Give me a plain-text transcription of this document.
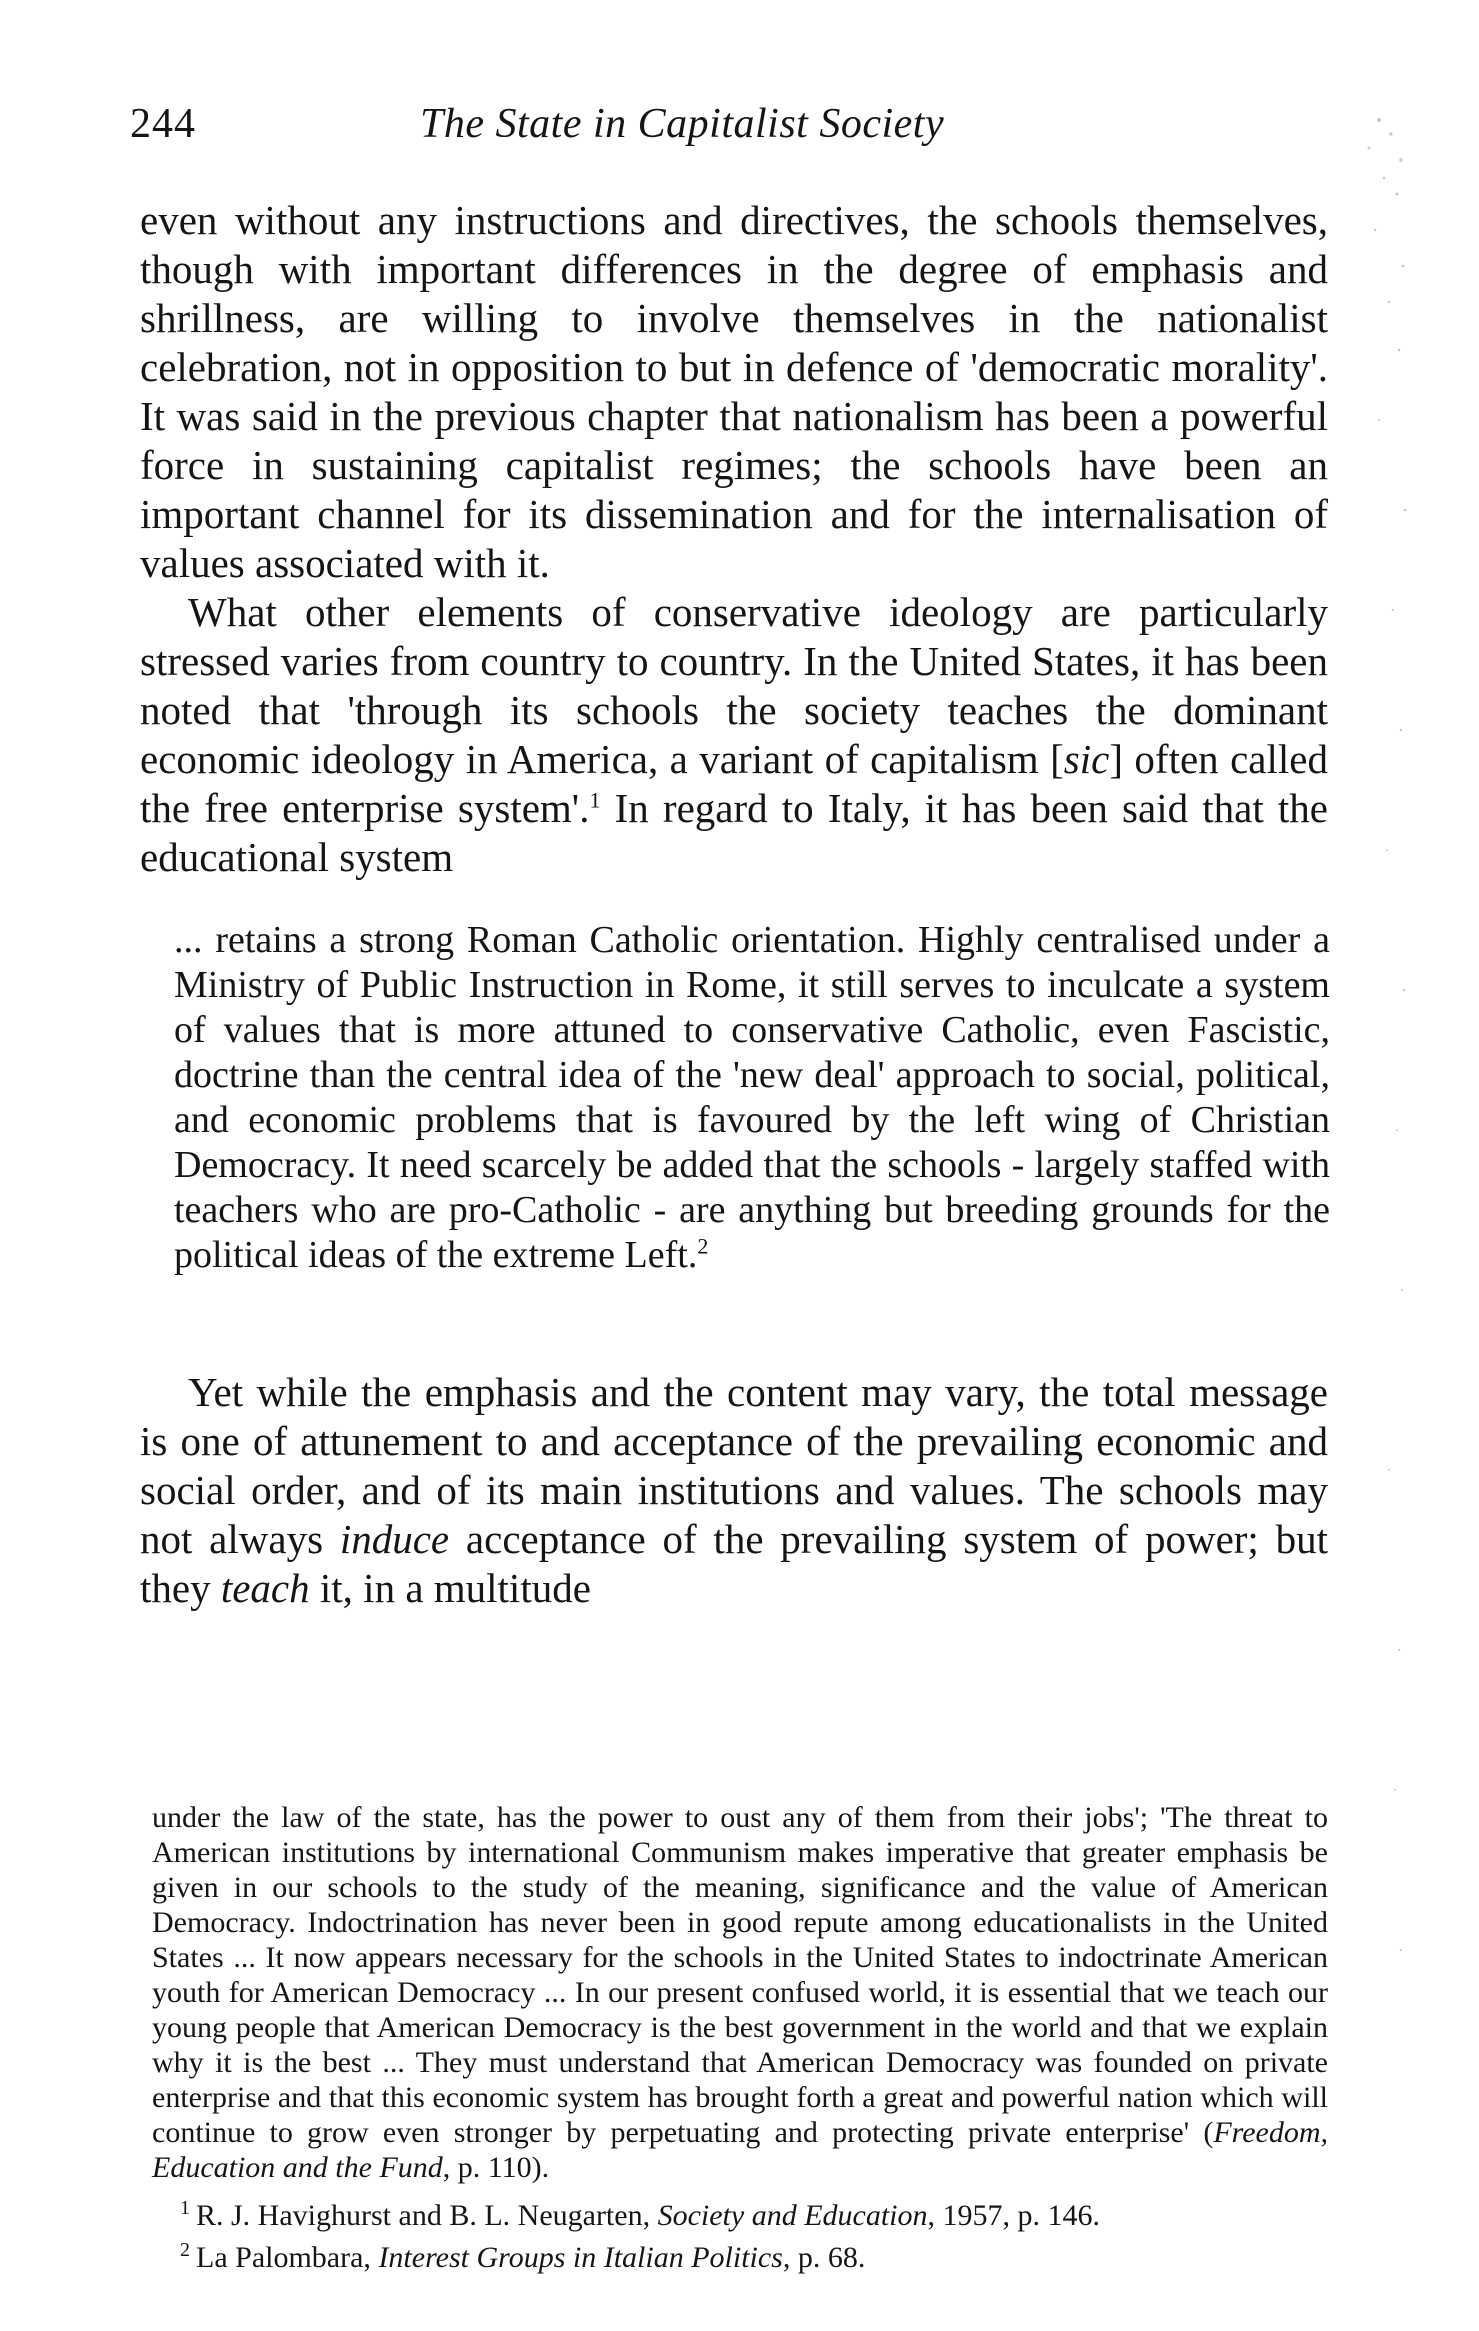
244	The State in Capitalist Society

even without any instructions and directives, the schools themselves, though with important differences in the degree of emphasis and shrillness, are willing to involve themselves in the nationalist celebration, not in opposition to but in defence of 'democratic morality'. It was said in the previous chapter that nationalism has been a powerful force in sustaining capitalist regimes; the schools have been an important channel for its dissemination and for the internalisation of values associated with it.

What other elements of conservative ideology are particularly stressed varies from country to country. In the United States, it has been noted that 'through its schools the society teaches the dominant economic ideology in America, a variant of capitalism [sic] often called the free enterprise system'.$^1$ In regard to Italy, it has been said that the educational system

... retains a strong Roman Catholic orientation. Highly centralised under a Ministry of Public Instruction in Rome, it still serves to inculcate a system of values that is more attuned to conservative Catholic, even Fascistic, doctrine than the central idea of the 'new deal' approach to social, political, and economic problems that is favoured by the left wing of Christian Democracy. It need scarcely be added that the schools - largely staffed with teachers who are pro-Catholic - are anything but breeding grounds for the political ideas of the extreme Left.$^2$

Yet while the emphasis and the content may vary, the total message is one of attunement to and acceptance of the prevailing economic and social order, and of its main institutions and values. The schools may not always induce acceptance of the prevailing system of power; but they teach it, in a multitude

under the law of the state, has the power to oust any of them from their jobs'; 'The threat to American institutions by international Communism makes imperative that greater emphasis be given in our schools to the study of the meaning, significance and the value of American Democracy. Indoctrination has never been in good repute among educationalists in the United States ... It now appears necessary for the schools in the United States to indoctrinate American youth for American Democracy ... In our present confused world, it is essential that we teach our young people that American Democracy is the best government in the world and that we explain why it is the best ... They must understand that American Democracy was founded on private enterprise and that this economic system has brought forth a great and powerful nation which will continue to grow even stronger by perpetuating and protecting private enterprise' (Freedom, Education and the Fund, p. 110).

$^1$ R. J. Havighurst and B. L. Neugarten, Society and Education, 1957, p. 146.

$^2$ La Palombara, Interest Groups in Italian Politics, p. 68.
